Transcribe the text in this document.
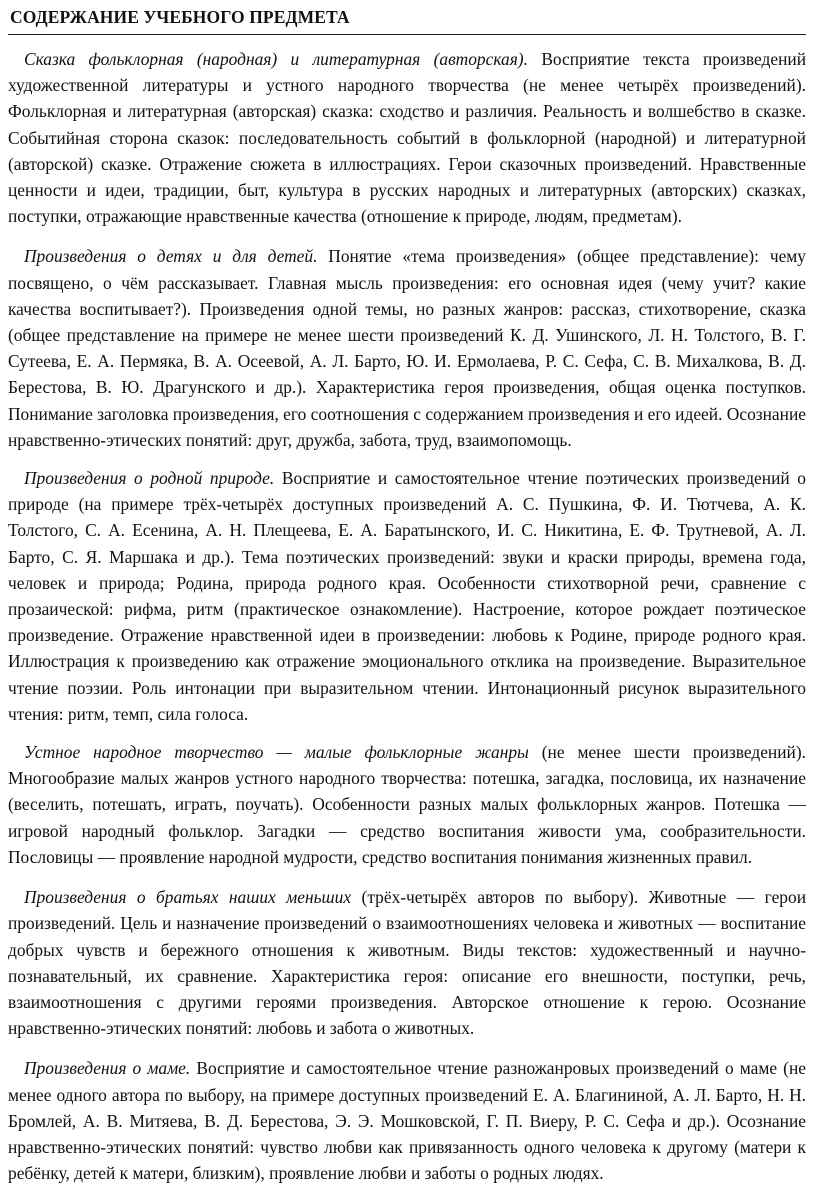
СОДЕРЖАНИЕ УЧЕБНОГО ПРЕДМЕТА

Сказка фольклорная (народная) и литературная (авторская). Восприятие текста произведений художественной литературы и устного народного творчества (не менее четырёх произведений). Фольклорная и литературная (авторская) сказка: сходство и различия. Реальность и волшебство в сказке. Событийная сторона сказок: последовательность событий в фольклорной (народной) и литературной (авторской) сказке. Отражение сюжета в иллюстрациях. Герои сказочных произведений. Нравственные ценности и идеи, традиции, быт, культура в русских народных и литературных (авторских) сказках, поступки, отражающие нравственные качества (отношение к природе, людям, предметам).

Произведения о детях и для детей. Понятие «тема произведения» (общее представление): чему посвящено, о чём рассказывает. Главная мысль произведения: его основная идея (чему учит? какие качества воспитывает?). Произведения одной темы, но разных жанров: рассказ, стихотворение, сказка (общее представление на примере не менее шести произведений К. Д. Ушинского, Л. Н. Толстого, В. Г. Сутеева, Е. А. Пермяка, В. А. Осеевой, А. Л. Барто, Ю. И. Ермолаева, Р. С. Сефа, С. В. Михалкова, В. Д. Берестова, В. Ю. Драгунского и др.). Характеристика героя произведения, общая оценка поступков. Понимание заголовка произведения, его соотношения с содержанием произведения и его идеей. Осознание нравственно-этических понятий: друг, дружба, забота, труд, взаимопомощь.

Произведения о родной природе. Восприятие и самостоятельное чтение поэтических произведений о природе (на примере трёх-четырёх доступных произведений А. С. Пушкина, Ф. И. Тютчева, А. К. Толстого, С. А. Есенина, А. Н. Плещеева, Е. А. Баратынского, И. С. Никитина, Е. Ф. Трутневой, А. Л. Барто, С. Я. Маршака и др.). Тема поэтических произведений: звуки и краски природы, времена года, человек и природа; Родина, природа родного края. Особенности стихотворной речи, сравнение с прозаической: рифма, ритм (практическое ознакомление). Настроение, которое рождает поэтическое произведение. Отражение нравственной идеи в произведении: любовь к Родине, природе родного края. Иллюстрация к произведению как отражение эмоционального отклика на произведение. Выразительное чтение поэзии. Роль интонации при выразительном чтении. Интонационный рисунок выразительного чтения: ритм, темп, сила голоса.

Устное народное творчество — малые фольклорные жанры (не менее шести произведений). Многообразие малых жанров устного народного творчества: потешка, загадка, пословица, их назначение (веселить, потешать, играть, поучать). Особенности разных малых фольклорных жанров. Потешка — игровой народный фольклор. Загадки — средство воспитания живости ума, сообразительности. Пословицы — проявление народной мудрости, средство воспитания понимания жизненных правил.

Произведения о братьях наших меньших (трёх-четырёх авторов по выбору). Животные — герои произведений. Цель и назначение произведений о взаимоотношениях человека и животных — воспитание добрых чувств и бережного отношения к животным. Виды текстов: художественный и научно-познавательный, их сравнение. Характеристика героя: описание его внешности, поступки, речь, взаимоотношения с другими героями произведения. Авторское отношение к герою. Осознание нравственно-этических понятий: любовь и забота о животных.

Произведения о маме. Восприятие и самостоятельное чтение разножанровых произведений о маме (не менее одного автора по выбору, на примере доступных произведений Е. А. Благининой, А. Л. Барто, Н. Н. Бромлей, А. В. Митяева, В. Д. Берестова, Э. Э. Мошковской, Г. П. Виеру, Р. С. Сефа и др.). Осознание нравственно-этических понятий: чувство любви как привязанность одного человека к другому (матери к ребёнку, детей к матери, близким), проявление любви и заботы о родных людях.
